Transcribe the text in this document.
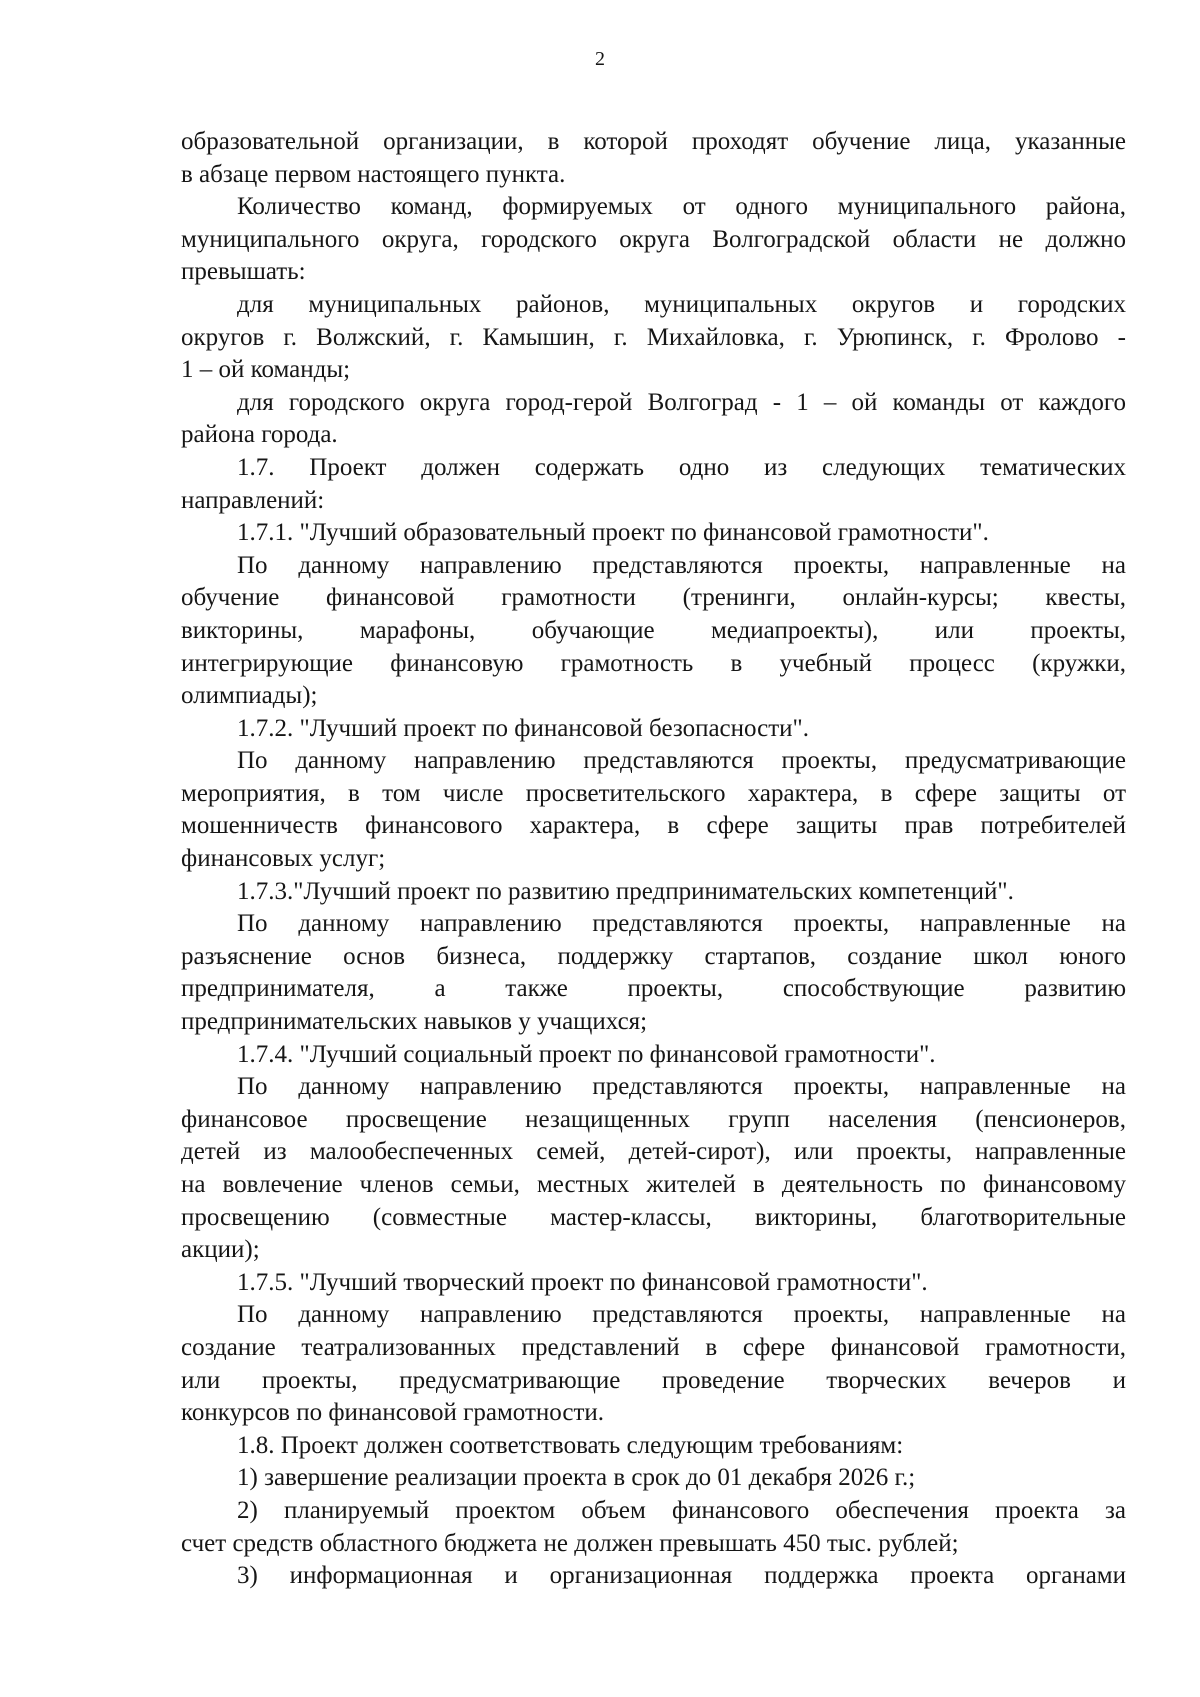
2
образовательной организации, в которой проходят обучение лица, указанные
в абзаце первом настоящего пункта.
Количество команд, формируемых от одного муниципального района,
муниципального округа, городского округа Волгоградской области не должно
превышать:
для муниципальных районов, муниципальных округов и городских
округов г. Волжский, г. Камышин, г. Михайловка, г. Урюпинск, г. Фролово -
1 – ой команды;
для городского округа город-герой Волгоград - 1 – ой команды от каждого
района города.
1.7. Проект должен содержать одно из следующих тематических
направлений:
1.7.1. "Лучший образовательный проект по финансовой грамотности".
По данному направлению представляются проекты, направленные на
обучение финансовой грамотности (тренинги, онлайн-курсы; квесты,
викторины, марафоны, обучающие медиапроекты), или проекты,
интегрирующие финансовую грамотность в учебный процесс (кружки,
олимпиады);
1.7.2. "Лучший проект по финансовой безопасности".
По данному направлению представляются проекты, предусматривающие
мероприятия, в том числе просветительского характера, в сфере защиты от
мошенничеств финансового характера, в сфере защиты прав потребителей
финансовых услуг;
1.7.3."Лучший проект по развитию предпринимательских компетенций".
По данному направлению представляются проекты, направленные на
разъяснение основ бизнеса, поддержку стартапов, создание школ юного
предпринимателя, а также проекты, способствующие развитию
предпринимательских навыков у учащихся;
1.7.4. "Лучший социальный проект по финансовой грамотности".
По данному направлению представляются проекты, направленные на
финансовое просвещение незащищенных групп населения (пенсионеров,
детей из малообеспеченных семей, детей-сирот), или проекты, направленные
на вовлечение членов семьи, местных жителей в деятельность по финансовому
просвещению (совместные мастер-классы, викторины, благотворительные
акции);
1.7.5. "Лучший творческий проект по финансовой грамотности".
По данному направлению представляются проекты, направленные на
создание театрализованных представлений в сфере финансовой грамотности,
или проекты, предусматривающие проведение творческих вечеров и
конкурсов по финансовой грамотности.
1.8. Проект должен соответствовать следующим требованиям:
1) завершение реализации проекта в срок до 01 декабря 2026 г.;
2) планируемый проектом объем финансового обеспечения проекта за
счет средств областного бюджета не должен превышать 450 тыс. рублей;
3) информационная и организационная поддержка проекта органами
